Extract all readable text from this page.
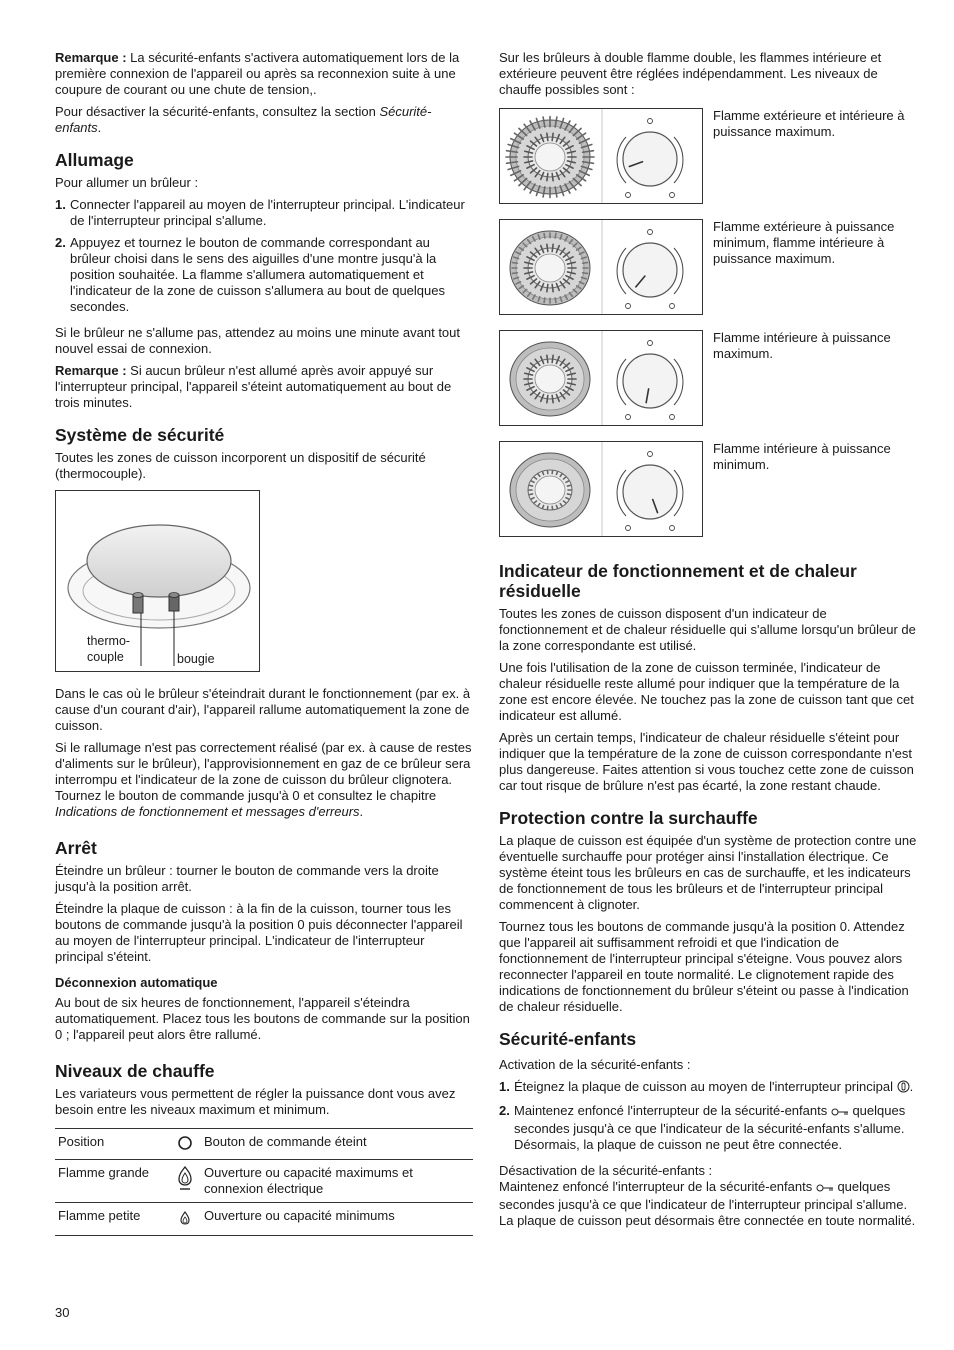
Remarque : La sécurité-enfants s'activera automatiquement lors de la première connexion de l'appareil ou après sa reconnexion suite à une coupure de courant ou une chute de tension,.

Pour désactiver la sécurité-enfants, consultez la section Sécurité-enfants.

Allumage

Pour allumer un brûleur :

1. Connecter l'appareil au moyen de l'interrupteur principal. L'indicateur de l'interrupteur principal s'allume.
2. Appuyez et tournez le bouton de commande correspondant au brûleur choisi dans le sens des aiguilles d'une montre jusqu'à la position souhaitée. La flamme s'allumera automatiquement et l'indicateur de la zone de cuisson s'allumera au bout de quelques secondes.

Si le brûleur ne s'allume pas, attendez au moins une minute avant tout nouvel essai de connexion.

Remarque : Si aucun brûleur n'est allumé après avoir appuyé sur l'interrupteur principal, l'appareil s'éteint automatiquement au bout de trois minutes.

Système de sécurité

Toutes les zones de cuisson incorporent un dispositif de sécurité (thermocouple).

thermo-
couple	bougie

Dans le cas où le brûleur s'éteindrait durant le fonctionnement (par ex. à cause d'un courant d'air), l'appareil rallume automatiquement la zone de cuisson.

Si le rallumage n'est pas correctement réalisé (par ex. à cause de restes d'aliments sur le brûleur), l'approvisionnement en gaz de ce brûleur sera interrompu et l'indicateur de la zone de cuisson du brûleur clignotera. Tournez le bouton de commande jusqu'à 0 et consultez le chapitre Indications de fonctionnement et messages d'erreurs.

Arrêt

Éteindre un brûleur : tourner le bouton de commande vers la droite jusqu'à la position arrêt.

Éteindre la plaque de cuisson : à la fin de la cuisson, tourner tous les boutons de commande jusqu'à la position 0 puis déconnecter l'appareil au moyen de l'interrupteur principal. L'indicateur de l'interrupteur principal s'éteint.

Déconnexion automatique

Au bout de six heures de fonctionnement, l'appareil s'éteindra automatiquement. Placez tous les boutons de commande sur la position 0 ; l'appareil peut alors être rallumé.

Niveaux de chauffe

Les variateurs vous permettent de régler la puissance dont vous avez besoin entre les niveaux maximum et minimum.

Position		Bouton de commande éteint
Flamme grande		Ouverture ou capacité maximums et connexion électrique
Flamme petite		Ouverture ou capacité minimums

Sur les brûleurs à double flamme double, les flammes intérieure et extérieure peuvent être réglées indépendamment. Les niveaux de chauffe possibles sont :

Flamme extérieure et intérieure à puissance maximum.
Flamme extérieure à puissance minimum, flamme intérieure à puissance maximum.
Flamme intérieure à puissance maximum.
Flamme intérieure à puissance minimum.
Indicateur de fonctionnement et de chaleur résiduelle

Toutes les zones de cuisson disposent d'un indicateur de fonctionnement et de chaleur résiduelle qui s'allume lorsqu'un brûleur de la zone correspondante est utilisé.

Une fois l'utilisation de la zone de cuisson terminée, l'indicateur de chaleur résiduelle reste allumé pour indiquer que la température de la zone est encore élevée. Ne touchez pas la zone de cuisson tant que cet indicateur est allumé.

Après un certain temps, l'indicateur de chaleur résiduelle s'éteint pour indiquer que la température de la zone de cuisson correspondante n'est plus dangereuse. Faites attention si vous touchez cette zone de cuisson car tout risque de brûlure n'est pas écarté, la zone restant chaude.

Protection contre la surchauffe

La plaque de cuisson est équipée d'un système de protection contre une éventuelle surchauffe pour protéger ainsi l'installation électrique. Ce système éteint tous les brûleurs en cas de surchauffe, et les indicateurs de fonctionnement de tous les brûleurs et de l'interrupteur principal commencent à clignoter.

Tournez tous les boutons de commande jusqu'à la position 0. Attendez que l'appareil ait suffisamment refroidi et que l'indication de fonctionnement de l'interrupteur principal s'éteigne. Vous pouvez alors reconnecter l'appareil en toute normalité. Le clignotement rapide des indications de fonctionnement du brûleur s'éteint ou passe à l'indication de chaleur résiduelle.

Sécurité-enfants

Activation de la sécurité-enfants :

1. Éteignez la plaque de cuisson au moyen de l'interrupteur principal .
2. Maintenez enfoncé l'interrupteur de la sécurité-enfants  quelques secondes jusqu'à ce que l'indicateur de la sécurité-enfants s'allume. Désormais, la plaque de cuisson ne peut être connectée.

Désactivation de la sécurité-enfants :
Maintenez enfoncé l'interrupteur de la sécurité-enfants  quelques secondes jusqu'à ce que l'indicateur de l'interrupteur principal s'allume. La plaque de cuisson peut désormais être connectée en toute normalité.

30
